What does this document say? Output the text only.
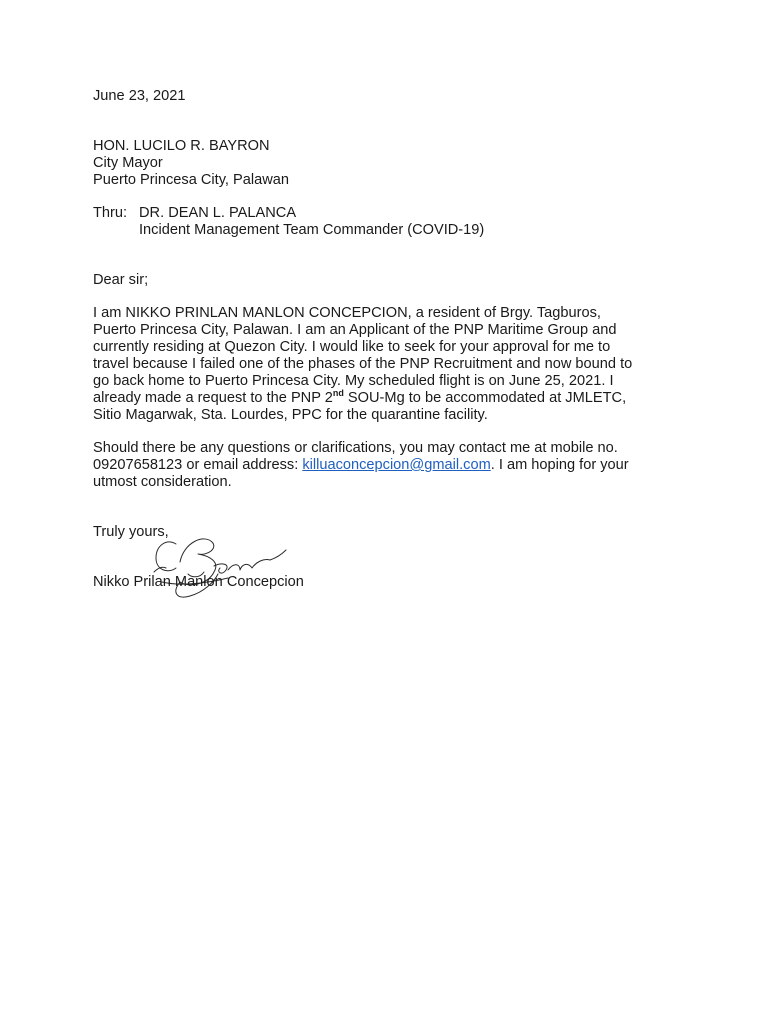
June 23, 2021
HON. LUCILO R. BAYRON
City Mayor
Puerto Princesa City, Palawan
Thru: DR. DEAN L. PALANCA
Incident Management Team Commander (COVID-19)
Dear sir;
I am NIKKO PRINLAN MANLON CONCEPCION, a resident of Brgy. Tagburos,
Puerto Princesa City, Palawan. I am an Applicant of the PNP Maritime Group and
currently residing at Quezon City. I would like to seek for your approval for me to
travel because I failed one of the phases of the PNP Recruitment and now bound to
go back home to Puerto Princesa City. My scheduled flight is on June 25, 2021. I
already made a request to the PNP 2nd SOU-Mg to be accommodated at JMLETC,
Sitio Magarwak, Sta. Lourdes, PPC for the quarantine facility.
Should there be any questions or clarifications, you may contact me at mobile no.
09207658123 or email address: killuaconcepcion@gmail.com. I am hoping for your
utmost consideration.
Truly yours,
Nikko Prilan Manlon Concepcion
